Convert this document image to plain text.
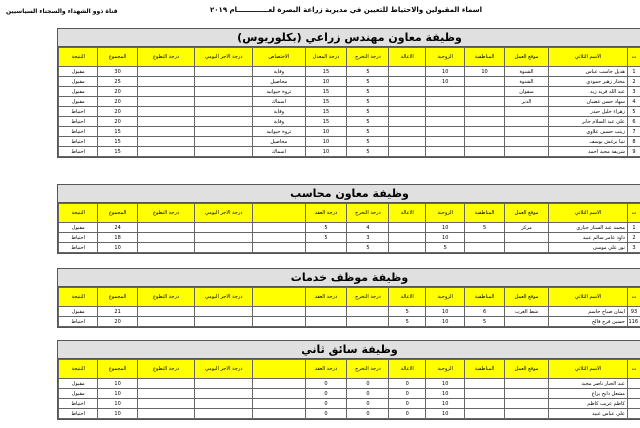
قناة ذوو الشهداء والسجناء السياسيين	اسماء المقبولين والاحتياط للتعيين في مديرية زراعة البصرة لعـــــــــــــام ٢٠١٩
وظيفة معاون مهندس زراعي (بكلوريوس)
ت	الاسم الثلاثي	موقع العمل	المناطقية	الزوجية	الاعالة	درجة التخرج	درجة المعدل	الاختصاص	درجة الاجر اليومي	درجة التطوع	المجموع	النتيجة
1	هديل جاسب عباس	الشنوة	10	10		5	15	وقاية			30	مقبول
2	مختار زهير حمودي	الشنوة		10		5	10	محاصيل			25	مقبول
3	عبد الله فريد زيد	سفوان				5	15	ثروة حيوانية			20	مقبول
4	سهاد حسن غضبان	الدير				5	15	اسماك			20	مقبول
5	زهراء خليل حيدر					5	15	وقاية			20	احتياط
6	علي عبد السلام جابر					5	15	وقاية			20	احتياط
7	زينب حسين علاوي					5	10	ثروة حيوانية			15	احتياط
8	ثنيا برغش يوسف					5	10	محاصيل			15	احتياط
9	شريفة مجيد احمد					5	10	اسماك			15	احتياط
وظيفة معاون محاسب
ت	الاسم الثلاثي	موقع العمل	المناطقية	الزوجية	الاعالة	درجة التخرج	درجة العقد		درجة الاجر اليومي	درجة التطوع	المجموع	النتيجة
1	محمد عبد الستار جباري	مركز	5	10		4	5				24	مقبول
2	داود عامر سالم عبيد			10		3	5				18	احتياط
3	نور علي موسى			5		5					10	احتياط
وظيفة موظف خدمات
ت	الاسم الثلاثي	موقع العمل	المناطقية	الزوجية	الاعالة	درجة التخرج	درجة العقد		درجة الاجر اليومي	درجة التطوع	المجموع	النتيجة
93	ايمان صباح جاسم	شط العرب	6	10	5						21	مقبول
116	حسين فرج فالح		5	10	5						20	احتياط
وظيفة سائق ثاني
ت	الاسم الثلاثي	موقع العمل	المناطقية	الزوجية	الاعالة	درجة التخرج	درجة العقد		درجة الاجر اليومي	درجة التطوع	المجموع	النتيجة
	عبد الجبار ناصر مجيد			10	0	0	0				10	مقبول
	مشعل دايخ يزاع			10	0	0	0				10	مقبول
	كاظم عريب كاظم			10	0	0	0				10	احتياط
	علي عباس عبيد			10	0	0	0				10	احتياط
